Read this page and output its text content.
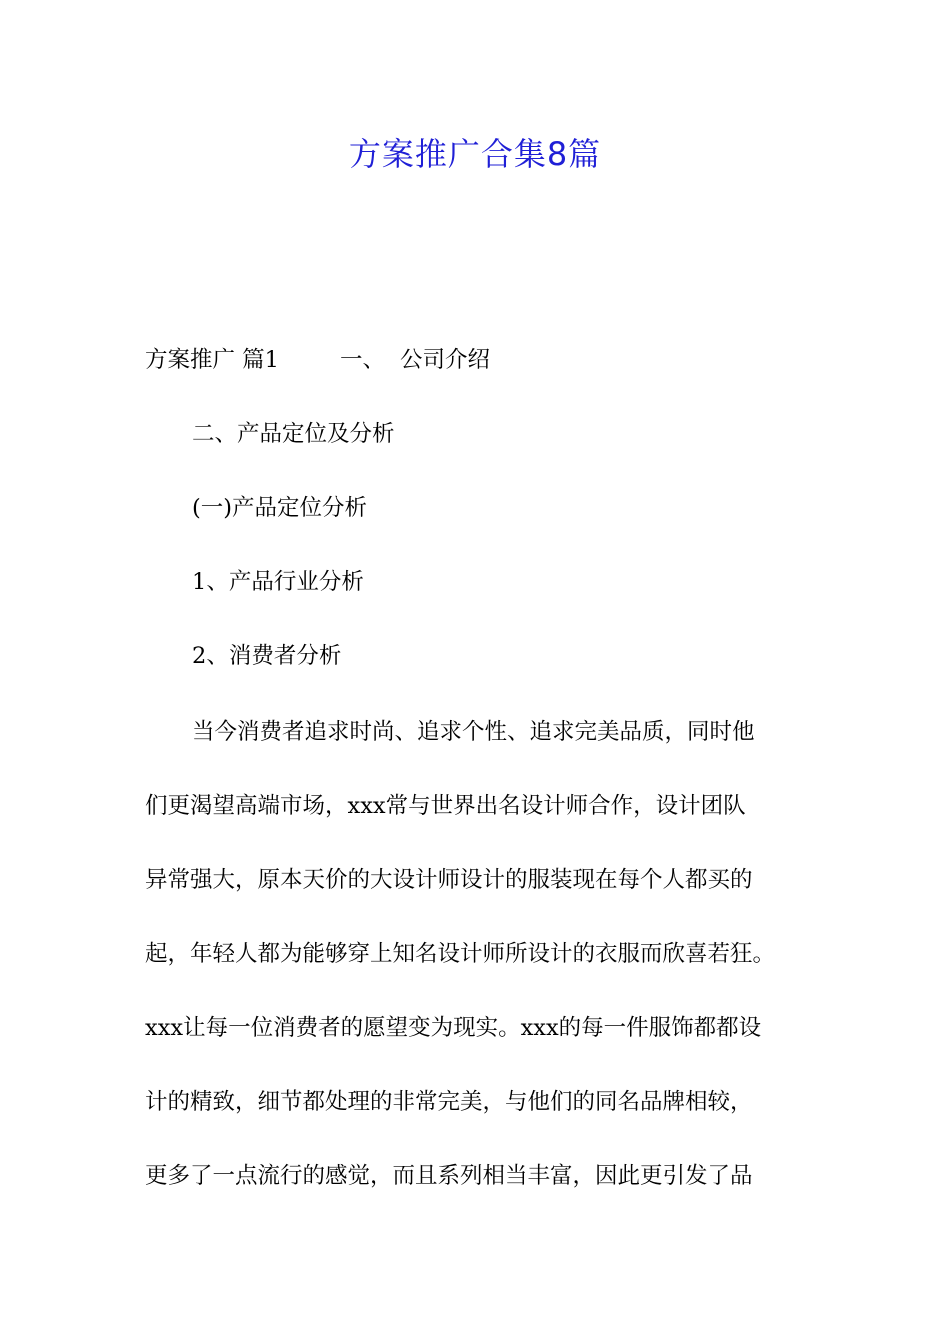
方案推广合集8篇
方案推广 篇1	一、 公司介绍
二、产品定位及分析
(一)产品定位分析
1、产品行业分析
2、消费者分析
当今消费者追求时尚、追求个性、追求完美品质，同时他
们更渴望高端市场，xxx常与世界出名设计师合作，设计团队
异常强大，原本天价的大设计师设计的服装现在每个人都买的
起，年轻人都为能够穿上知名设计师所设计的衣服而欣喜若狂。
xxx让每一位消费者的愿望变为现实。xxx的每一件服饰都都设
计的精致，细节都处理的非常完美，与他们的同名品牌相较，
更多了一点流行的感觉，而且系列相当丰富，因此更引发了品
